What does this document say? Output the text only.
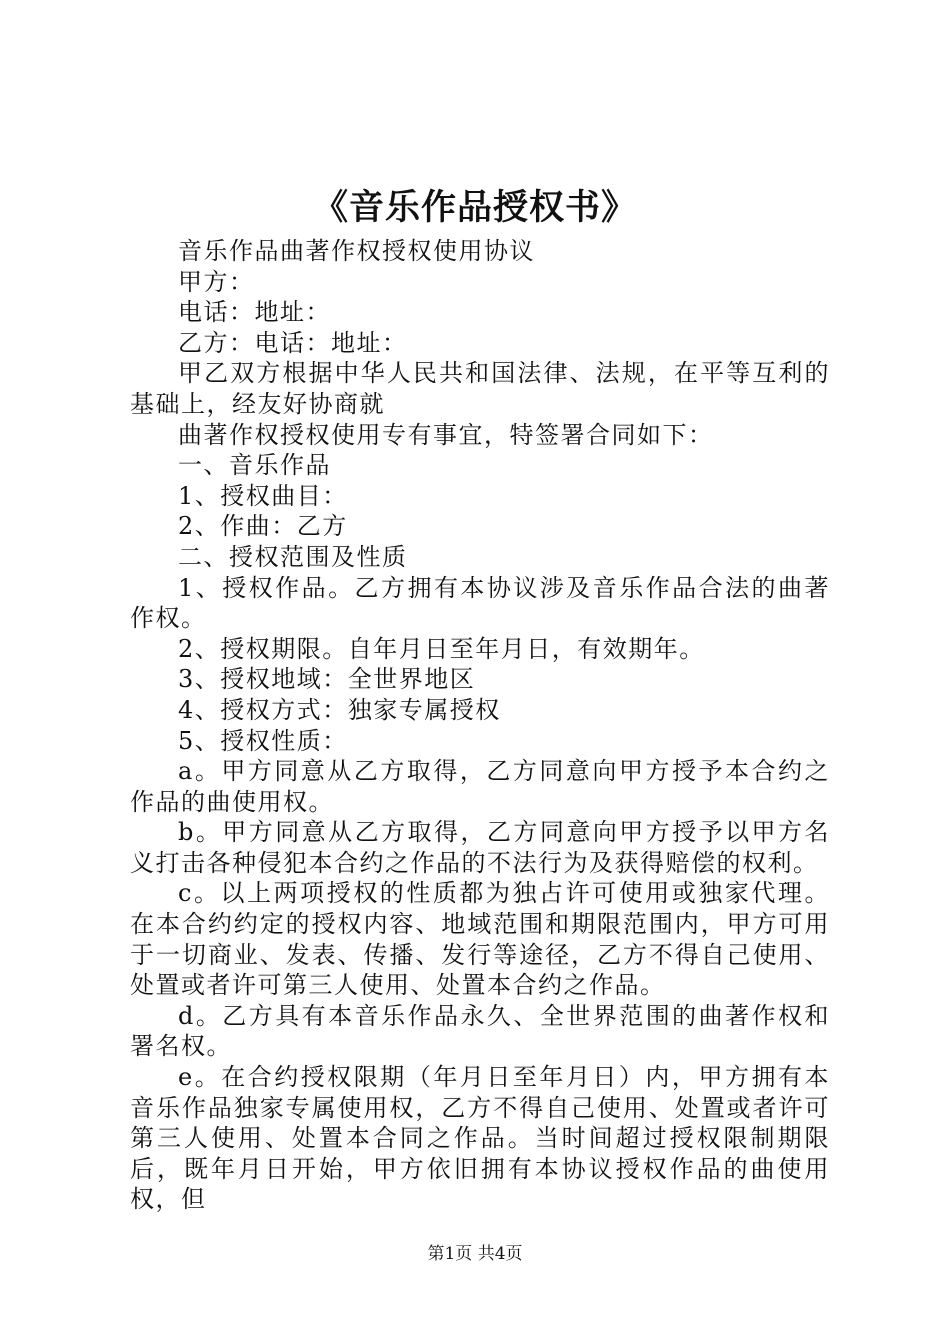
《音乐作品授权书》

音乐作品曲著作权授权使用协议

甲方：

电话：地址：

乙方：电话：地址：

甲乙双方根据中华人民共和国法律、法规，在平等互利的基础上，经友好协商就

曲著作权授权使用专有事宜，特签署合同如下：

一、音乐作品

1、授权曲目：

2、作曲：乙方

二、授权范围及性质

1、授权作品。乙方拥有本协议涉及音乐作品合法的曲著作权。

2、授权期限。自年月日至年月日，有效期年。

3、授权地域：全世界地区

4、授权方式：独家专属授权

5、授权性质：

a。甲方同意从乙方取得，乙方同意向甲方授予本合约之作品的曲使用权。

b。甲方同意从乙方取得，乙方同意向甲方授予以甲方名义打击各种侵犯本合约之作品的不法行为及获得赔偿的权利。

c。以上两项授权的性质都为独占许可使用或独家代理。在本合约约定的授权内容、地域范围和期限范围内，甲方可用于一切商业、发表、传播、发行等途径，乙方不得自己使用、处置或者许可第三人使用、处置本合约之作品。

d。乙方具有本音乐作品永久、全世界范围的曲著作权和署名权。

e。在合约授权限期（年月日至年月日）内，甲方拥有本音乐作品独家专属使用权，乙方不得自己使用、处置或者许可第三人使用、处置本合同之作品。当时间超过授权限制期限后，既年月日开始，甲方依旧拥有本协议授权作品的曲使用权，但

第1页 共4页
